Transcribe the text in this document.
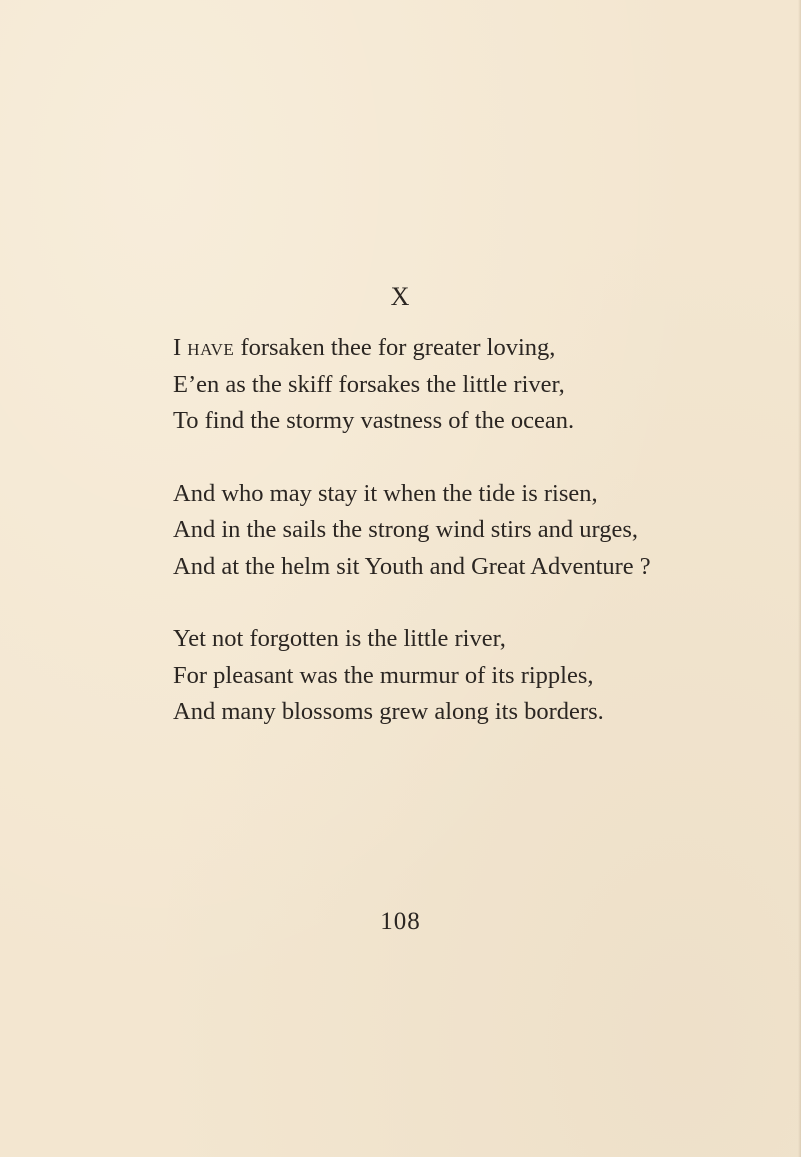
X
I have forsaken thee for greater loving,
E’en as the skiff forsakes the little river,
To find the stormy vastness of the ocean.
And who may stay it when the tide is risen,
And in the sails the strong wind stirs and urges,
And at the helm sit Youth and Great Adventure ?
Yet not forgotten is the little river,
For pleasant was the murmur of its ripples,
And many blossoms grew along its borders.
108
